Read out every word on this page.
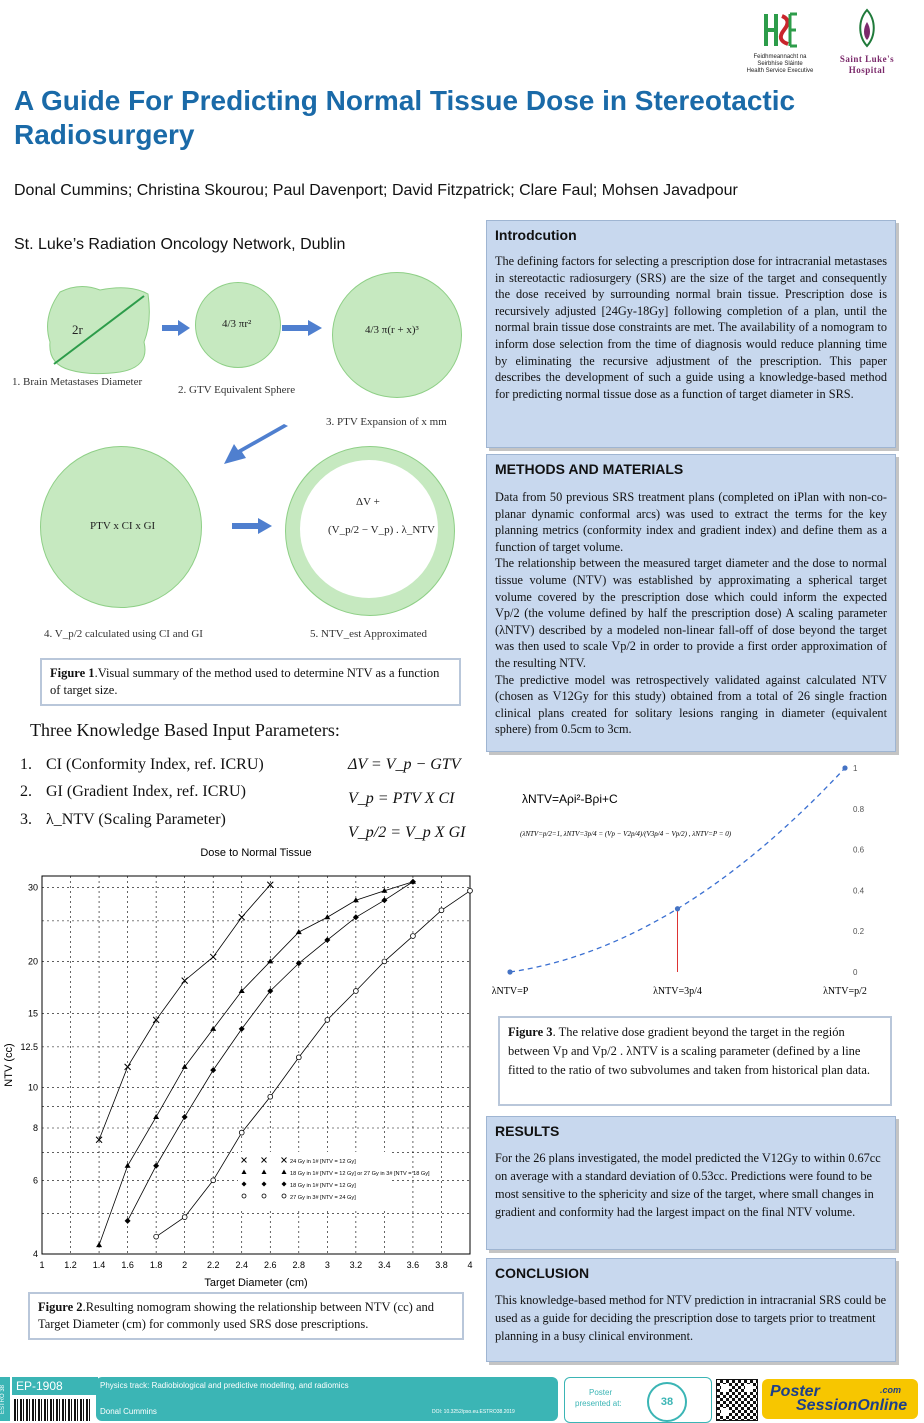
Feidhmeannacht na Seirbhíse Sláinte
Health Service Executive
Saint Luke's
Hospital
A Guide For Predicting Normal Tissue Dose in Stereotactic Radiosurgery
Donal Cummins; Christina Skourou; Paul Davenport; David Fitzpatrick; Clare Faul; Mohsen Javadpour
St. Luke’s Radiation Oncology Network, Dublin
2r
1. Brain Metastases Diameter
4/3 πr²
2. GTV Equivalent Sphere
4/3 π(r + x)³
3. PTV Expansion of x mm
PTV x CI x GI
4. V_p/2 calculated using CI and GI
ΔV +
(V_p/2 − V_p) . λ_NTV
5. NTV_est Approximated
Figure 1.Visual summary of the method used to determine NTV as a function of target size.
Three Knowledge Based Input Parameters:
1. CI (Conformity Index, ref. ICRU)
2. GI (Gradient Index, ref. ICRU)
3. λ_NTV (Scaling Parameter)
ΔV = V_p − GTV
V_p = PTV X CI
V_p/2 = V_p X GI
Dose to Normal Tissue
1 1.2 1.4 1.6 1.8 2 2.2 2.4 2.6 2.8 3 3.2 3.4 3.6 3.8 4
4
6
8
10
12.5
15
20
30
Target Diameter (cm)
NTV (cc)
24 Gy in 1# [NTV = 12 Gy]
18 Gy in 1# [NTV = 12 Gy] or 27 Gy in 3# [NTV = 18 Gy]
18 Gy in 1# [NTV = 12 Gy]
27 Gy in 3# [NTV = 24 Gy]
Figure 2.Resulting nomogram showing the relationship between NTV (cc) and Target Diameter (cm) for commonly used SRS dose prescriptions.
Introdcution

The defining factors for selecting a prescription dose for intracranial metastases in stereotactic radiosurgery (SRS) are the size of the target and consequently the dose received by surrounding normal brain tissue. Prescription dose is recursively adjusted [24Gy-18Gy] following completion of a plan, until the normal brain tissue dose constraints are met. The availability of a nomogram to inform dose selection from the time of diagnosis would reduce planning time by eliminating the recursive adjustment of the prescription. This paper describes the development of such a guide using a knowledge-based method for predicting normal tissue dose as a function of target diameter in SRS.

METHODS AND MATERIALS

Data from 50 previous SRS treatment plans (completed on iPlan with non-co-planar dynamic conformal arcs) was used to extract the terms for the key planning metrics (conformity index and gradient index) and define them as a function of target volume.

The relationship between the measured target diameter and the dose to normal tissue volume (NTV) was established by approximating a spherical target volume covered by the prescription dose which could inform the expected Vp/2 (the volume defined by half the prescription dose) A scaling parameter (λNTV) described by a modeled non-linear fall-off of dose beyond the target was then used to scale Vp/2 in order to provide a first order approximation of the resulting NTV.

The predictive model was retrospectively validated against calculated NTV (chosen as V12Gy for this study) obtained from a total of 26 single fraction clinical plans created for solitary lesions ranging in diameter (equivalent sphere) from 0.5cm to 3cm.

0
0.2
0.4
0.6
0.8
1
λNTV=P	λNTV=3p/4	λNTV=p/2
λNTV=Aρi²-Bρi+C
(λNTV=p/2=1, λNTV=3p/4 = (Vp − V2p/4)/(V3p/4 − Vp/2) , λNTV=P = 0)
Figure 3. The relative dose gradient beyond the target in the región between Vp and Vp/2 . λNTV is a scaling parameter (defined by a line fitted to the ratio of two subvolumes and taken from historical plan data.
RESULTS

For the 26 plans investigated, the model predicted the V12Gy to within 0.67cc on average with a standard deviation of 0.53cc. Predictions were found to be most sensitive to the sphericity and size of the target, where small changes in gradient and conformity had the largest impact on the final NTV volume.

CONCLUSION

This knowledge-based method for NTV prediction in intracranial SRS could be used as a guide for deciding the prescription dose to targets prior to treatment planning in a busy clinical environment.

ESTRO 38 EP-1908	Physics track: Radiobiological and predictive modelling, and radiomics
Donal Cummins	DOI: 10.3252/pso.eu.ESTRO38.2019
Poster
presented at:	38
Poster
SessionOnline
.com
